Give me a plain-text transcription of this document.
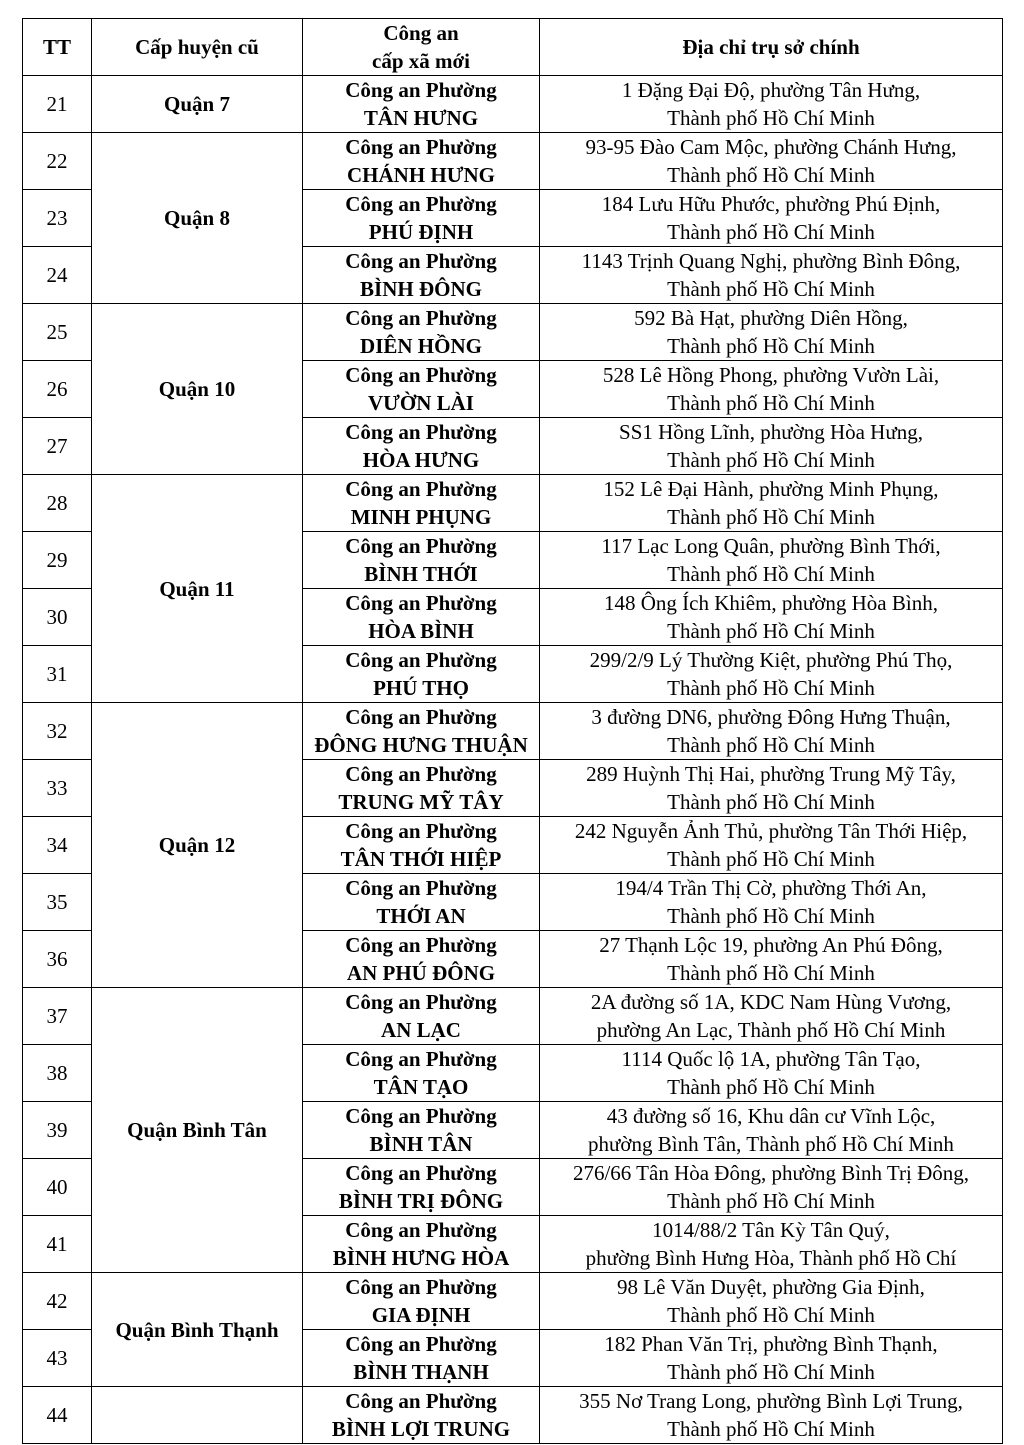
TT	Cấp huyện cũ	Công an
cấp xã mới	Địa chỉ trụ sở chính
21	Quận 7	Công an Phường
TÂN HƯNG	1 Đặng Đại Độ, phường Tân Hưng,
Thành phố Hồ Chí Minh

22	Quận 8	Công an Phường
CHÁNH HƯNG	93-95 Đào Cam Mộc, phường Chánh Hưng,
Thành phố Hồ Chí Minh

23		Công an Phường
PHÚ ĐỊNH	184 Lưu Hữu Phước, phường Phú Định,
Thành phố Hồ Chí Minh

24		Công an Phường
BÌNH ĐÔNG	1143 Trịnh Quang Nghị, phường Bình Đông,
Thành phố Hồ Chí Minh

25	Quận 10	Công an Phường
DIÊN HỒNG	592 Bà Hạt, phường Diên Hồng,
Thành phố Hồ Chí Minh

26		Công an Phường
VƯỜN LÀI	528 Lê Hồng Phong, phường Vườn Lài,
Thành phố Hồ Chí Minh

27		Công an Phường
HÒA HƯNG	SS1 Hồng Lĩnh, phường Hòa Hưng,
Thành phố Hồ Chí Minh

28	Quận 11	Công an Phường
MINH PHỤNG	152 Lê Đại Hành, phường Minh Phụng,
Thành phố Hồ Chí Minh

29		Công an Phường
BÌNH THỚI	117 Lạc Long Quân, phường Bình Thới,
Thành phố Hồ Chí Minh

30		Công an Phường
HÒA BÌNH	148 Ông Ích Khiêm, phường Hòa Bình,
Thành phố Hồ Chí Minh

31		Công an Phường
PHÚ THỌ	299/2/9 Lý Thường Kiệt, phường Phú Thọ,
Thành phố Hồ Chí Minh

32	Quận 12	Công an Phường
ĐÔNG HƯNG THUẬN	3 đường DN6, phường Đông Hưng Thuận,
Thành phố Hồ Chí Minh

33		Công an Phường
TRUNG MỸ TÂY	289 Huỳnh Thị Hai, phường Trung Mỹ Tây,
Thành phố Hồ Chí Minh

34		Công an Phường
TÂN THỚI HIỆP	242 Nguyễn Ảnh Thủ, phường Tân Thới Hiệp,
Thành phố Hồ Chí Minh

35		Công an Phường
THỚI AN	194/4 Trần Thị Cờ, phường Thới An,
Thành phố Hồ Chí Minh

36		Công an Phường
AN PHÚ ĐÔNG	27 Thạnh Lộc 19, phường An Phú Đông,
Thành phố Hồ Chí Minh

37	Quận Bình Tân	Công an Phường
AN LẠC	2A đường số 1A, KDC Nam Hùng Vương,
phường An Lạc, Thành phố Hồ Chí Minh

38		Công an Phường
TÂN TẠO	1114 Quốc lộ 1A, phường Tân Tạo,
Thành phố Hồ Chí Minh

39		Công an Phường
BÌNH TÂN	43 đường số 16, Khu dân cư Vĩnh Lộc,
phường Bình Tân, Thành phố Hồ Chí Minh

40		Công an Phường
BÌNH TRỊ ĐÔNG	276/66 Tân Hòa Đông, phường Bình Trị Đông,
Thành phố Hồ Chí Minh

41		Công an Phường
BÌNH HƯNG HÒA	1014/88/2 Tân Kỳ Tân Quý,
phường Bình Hưng Hòa, Thành phố Hồ Chí

42	Quận Bình Thạnh	Công an Phường
GIA ĐỊNH	98 Lê Văn Duyệt, phường Gia Định,
Thành phố Hồ Chí Minh

43		Công an Phường
BÌNH THẠNH	182 Phan Văn Trị, phường Bình Thạnh,
Thành phố Hồ Chí Minh

44		Công an Phường
BÌNH LỢI TRUNG	355 Nơ Trang Long, phường Bình Lợi Trung,
Thành phố Hồ Chí Minh
